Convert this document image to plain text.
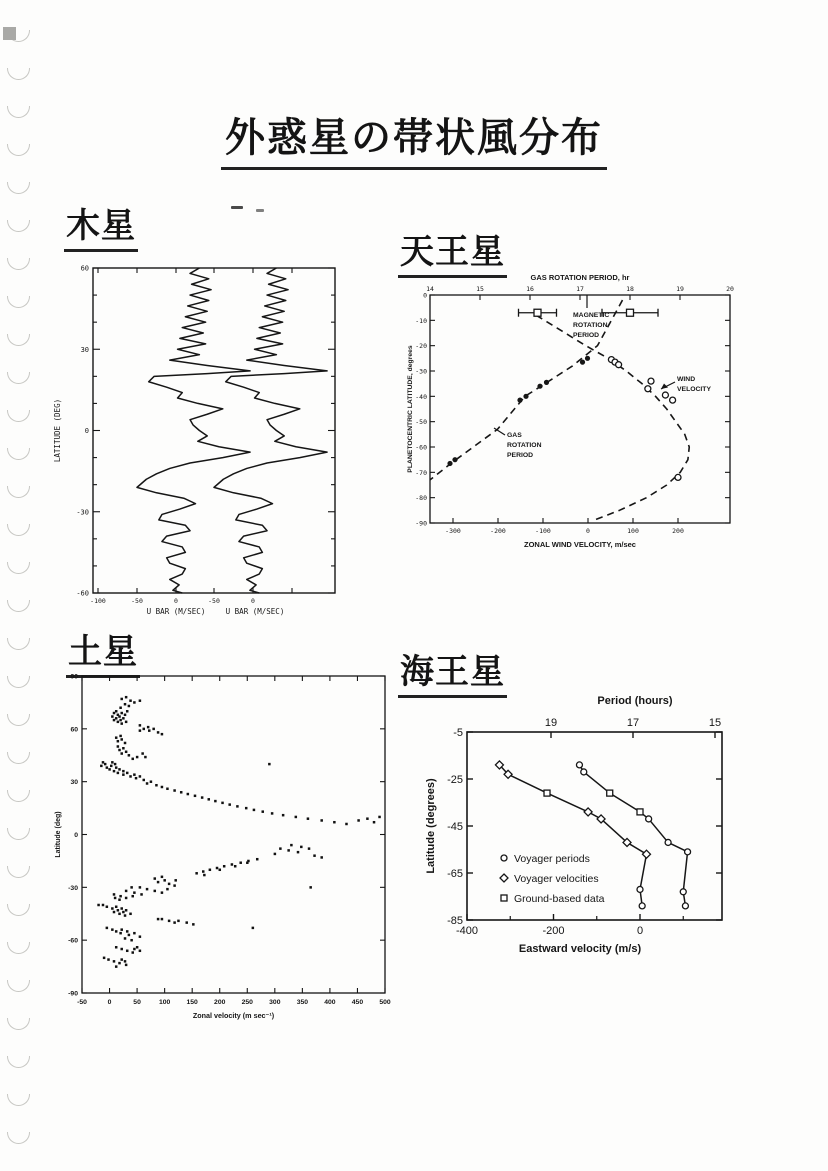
外惑星の帯状風分布
木星
天王星
土星
海王星
60
30
0
-30
-60
LATITUDE (DEG)
-100	-50	0	-50	0
U BAR (M/SEC)	U BAR (M/SEC)
GAS ROTATION PERIOD, hr
14	15	16	17	18	19	20
-300	-200	-100	0	100	200
ZONAL WIND VELOCITY, m/sec
0
-10
-20
-30
-40
-50
-60
-70
-80
-90
PLANETOCENTRIC LATITUDE, degrees
MAGNETIC
ROTATION
PERIOD
WIND
VELOCITY
GAS
ROTATION
PERIOD
-50	0	50	100 150 200 250 300 350 400 450 500
90
60
30
0
-30
-60
-90
Latitude (deg)
Zonal velocity (m sec⁻¹)
Period (hours)
19	17	15
-400	-200	0
Eastward velocity (m/s)
-5
-25
-45
-65
-85
Latitude (degrees)	Voyager periods
Voyager velocities
Ground-based data
